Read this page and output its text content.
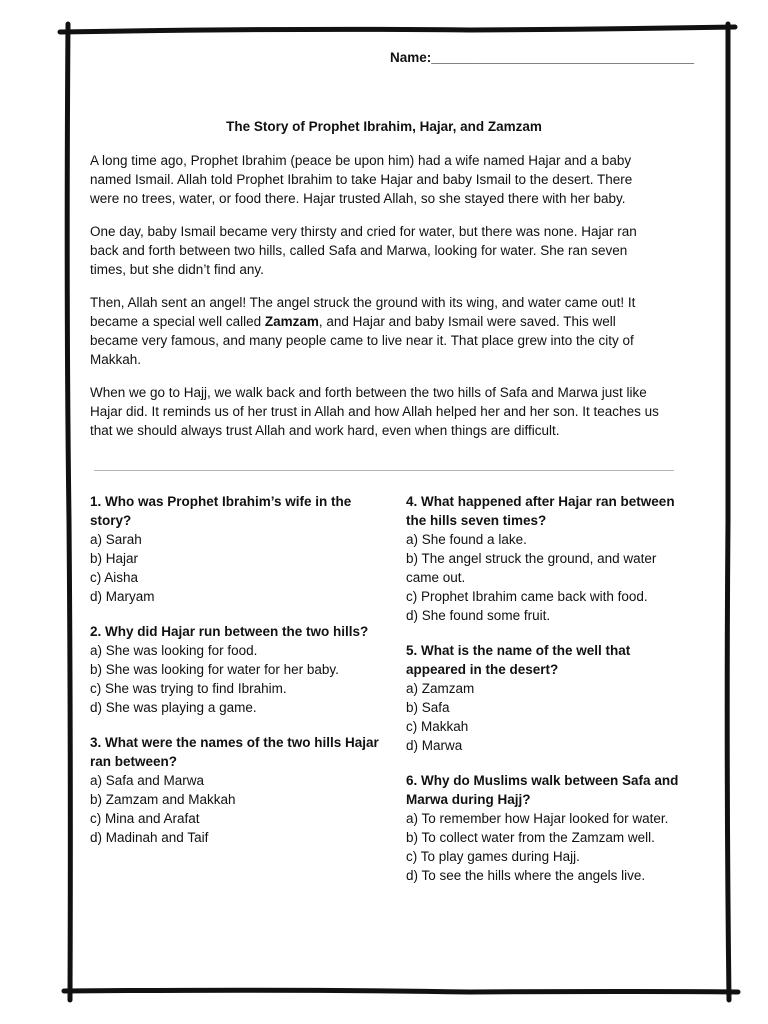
Name:___________________________________
The Story of Prophet Ibrahim, Hajar, and Zamzam

A long time ago, Prophet Ibrahim (peace be upon him) had a wife named Hajar and a baby named Ismail. Allah told Prophet Ibrahim to take Hajar and baby Ismail to the desert. There were no trees, water, or food there. Hajar trusted Allah, so she stayed there with her baby.

One day, baby Ismail became very thirsty and cried for water, but there was none. Hajar ran back and forth between two hills, called Safa and Marwa, looking for water. She ran seven times, but she didn’t find any.

Then, Allah sent an angel! The angel struck the ground with its wing, and water came out! It became a special well called Zamzam, and Hajar and baby Ismail were saved. This well became very famous, and many people came to live near it. That place grew into the city of Makkah.

When we go to Hajj, we walk back and forth between the two hills of Safa and Marwa just like Hajar did. It reminds us of her trust in Allah and how Allah helped her and her son. It teaches us that we should always trust Allah and work hard, even when things are difficult.

1. Who was Prophet Ibrahim’s wife in the story?
a) Sarah
b) Hajar
c) Aisha
d) Maryam
2. Why did Hajar run between the two hills?
a) She was looking for food.
b) She was looking for water for her baby.
c) She was trying to find Ibrahim.
d) She was playing a game.
3. What were the names of the two hills Hajar ran between?
a) Safa and Marwa
b) Zamzam and Makkah
c) Mina and Arafat
d) Madinah and Taif
4. What happened after Hajar ran between the hills seven times?
a) She found a lake.
b) The angel struck the ground, and water came out.
c) Prophet Ibrahim came back with food.
d) She found some fruit.
5. What is the name of the well that appeared in the desert?
a) Zamzam
b) Safa
c) Makkah
d) Marwa
6. Why do Muslims walk between Safa and Marwa during Hajj?
a) To remember how Hajar looked for water.
b) To collect water from the Zamzam well.
c) To play games during Hajj.
d) To see the hills where the angels live.
